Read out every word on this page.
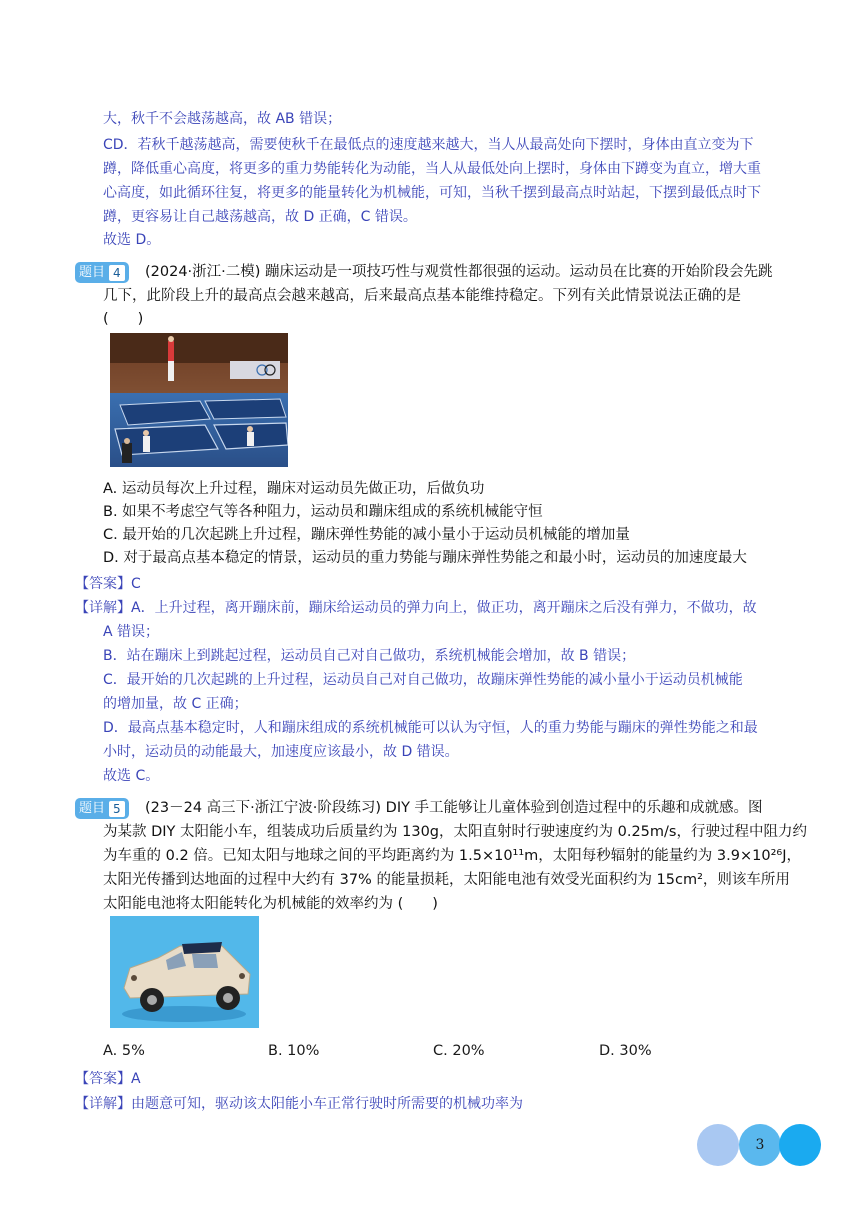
大，秋千不会越荡越高，故 AB 错误；
CD．若秋千越荡越高，需要使秋千在最低点的速度越来越大，当人从最高处向下摆时，身体由直立变为下
蹲，降低重心高度，将更多的重力势能转化为动能，当人从最低处向上摆时，身体由下蹲变为直立，增大重
心高度，如此循环往复，将更多的能量转化为机械能，可知，当秋千摆到最高点时站起，下摆到最低点时下
蹲，更容易让自己越荡越高，故 D 正确，C 错误。
故选 D。
题目 4 (2024·浙江·二模) 蹦床运动是一项技巧性与观赏性都很强的运动。运动员在比赛的开始阶段会先跳
几下，此阶段上升的最高点会越来越高，后来最高点基本能维持稳定。下列有关此情景说法正确的是
(　　)
A. 运动员每次上升过程，蹦床对运动员先做正功，后做负功
B. 如果不考虑空气等各种阻力，运动员和蹦床组成的系统机械能守恒
C. 最开始的几次起跳上升过程，蹦床弹性势能的减小量小于运动员机械能的增加量
D. 对于最高点基本稳定的情景，运动员的重力势能与蹦床弹性势能之和最小时，运动员的加速度最大
【答案】C
【详解】A．上升过程，离开蹦床前，蹦床给运动员的弹力向上，做正功，离开蹦床之后没有弹力，不做功，故
A 错误；
B．站在蹦床上到跳起过程，运动员自己对自己做功，系统机械能会增加，故 B 错误；
C．最开始的几次起跳的上升过程，运动员自己对自己做功，故蹦床弹性势能的减小量小于运动员机械能
的增加量，故 C 正确；
D．最高点基本稳定时，人和蹦床组成的系统机械能可以认为守恒，人的重力势能与蹦床的弹性势能之和最
小时，运动员的动能最大，加速度应该最小，故 D 错误。
故选 C。
题目 5 (23－24 高三下·浙江宁波·阶段练习) DIY 手工能够让儿童体验到创造过程中的乐趣和成就感。图
为某款 DIY 太阳能小车，组装成功后质量约为 130g，太阳直射时行驶速度约为 0.25m/s，行驶过程中阻力约
为车重的 0.2 倍。已知太阳与地球之间的平均距离约为 1.5×10¹¹m，太阳每秒辐射的能量约为 3.9×10²⁶J，
太阳光传播到达地面的过程中大约有 37% 的能量损耗，太阳能电池有效受光面积约为 15cm²，则该车所用
太阳能电池将太阳能转化为机械能的效率约为 (　　)
A. 5%	B. 10%	C. 20%	D. 30%
【答案】A
【详解】由题意可知，驱动该太阳能小车正常行驶时所需要的机械功率为
3
